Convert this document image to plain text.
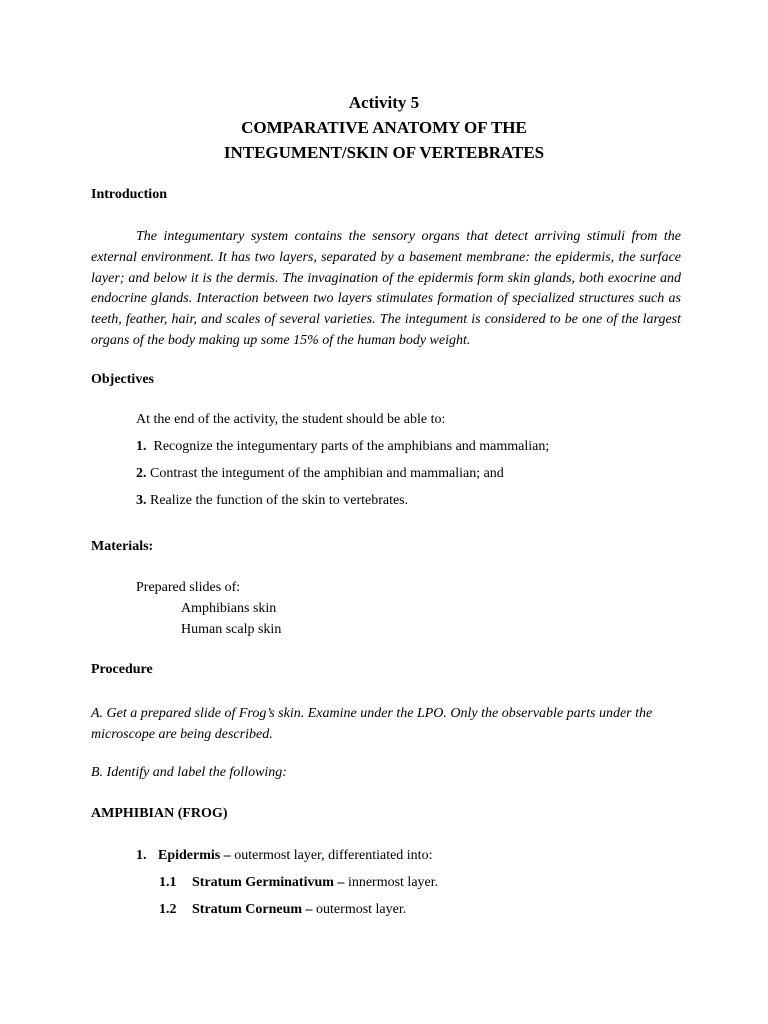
Activity 5
COMPARATIVE ANATOMY OF THE
INTEGUMENT/SKIN OF VERTEBRATES
Introduction
The integumentary system contains the sensory organs that detect arriving stimuli from the external environment. It has two layers, separated by a basement membrane: the epidermis, the surface layer; and below it is the dermis. The invagination of the epidermis form skin glands, both exocrine and endocrine glands. Interaction between two layers stimulates formation of specialized structures such as teeth, feather, hair, and scales of several varieties. The integument is considered to be one of the largest organs of the body making up some 15% of the human body weight.
Objectives
At the end of the activity, the student should be able to:
1.  Recognize the integumentary parts of the amphibians and mammalian;
2. Contrast the integument of the amphibian and mammalian; and
3. Realize the function of the skin to vertebrates.
Materials:
Prepared slides of:
Amphibians skin
Human scalp skin
Procedure
A. Get a prepared slide of Frog’s skin. Examine under the LPO. Only the observable parts under the microscope are being described.
B. Identify and label the following:
AMPHIBIAN (FROG)
1. Epidermis – outermost layer, differentiated into:
1.1 Stratum Germinativum – innermost layer.
1.2 Stratum Corneum – outermost layer.
